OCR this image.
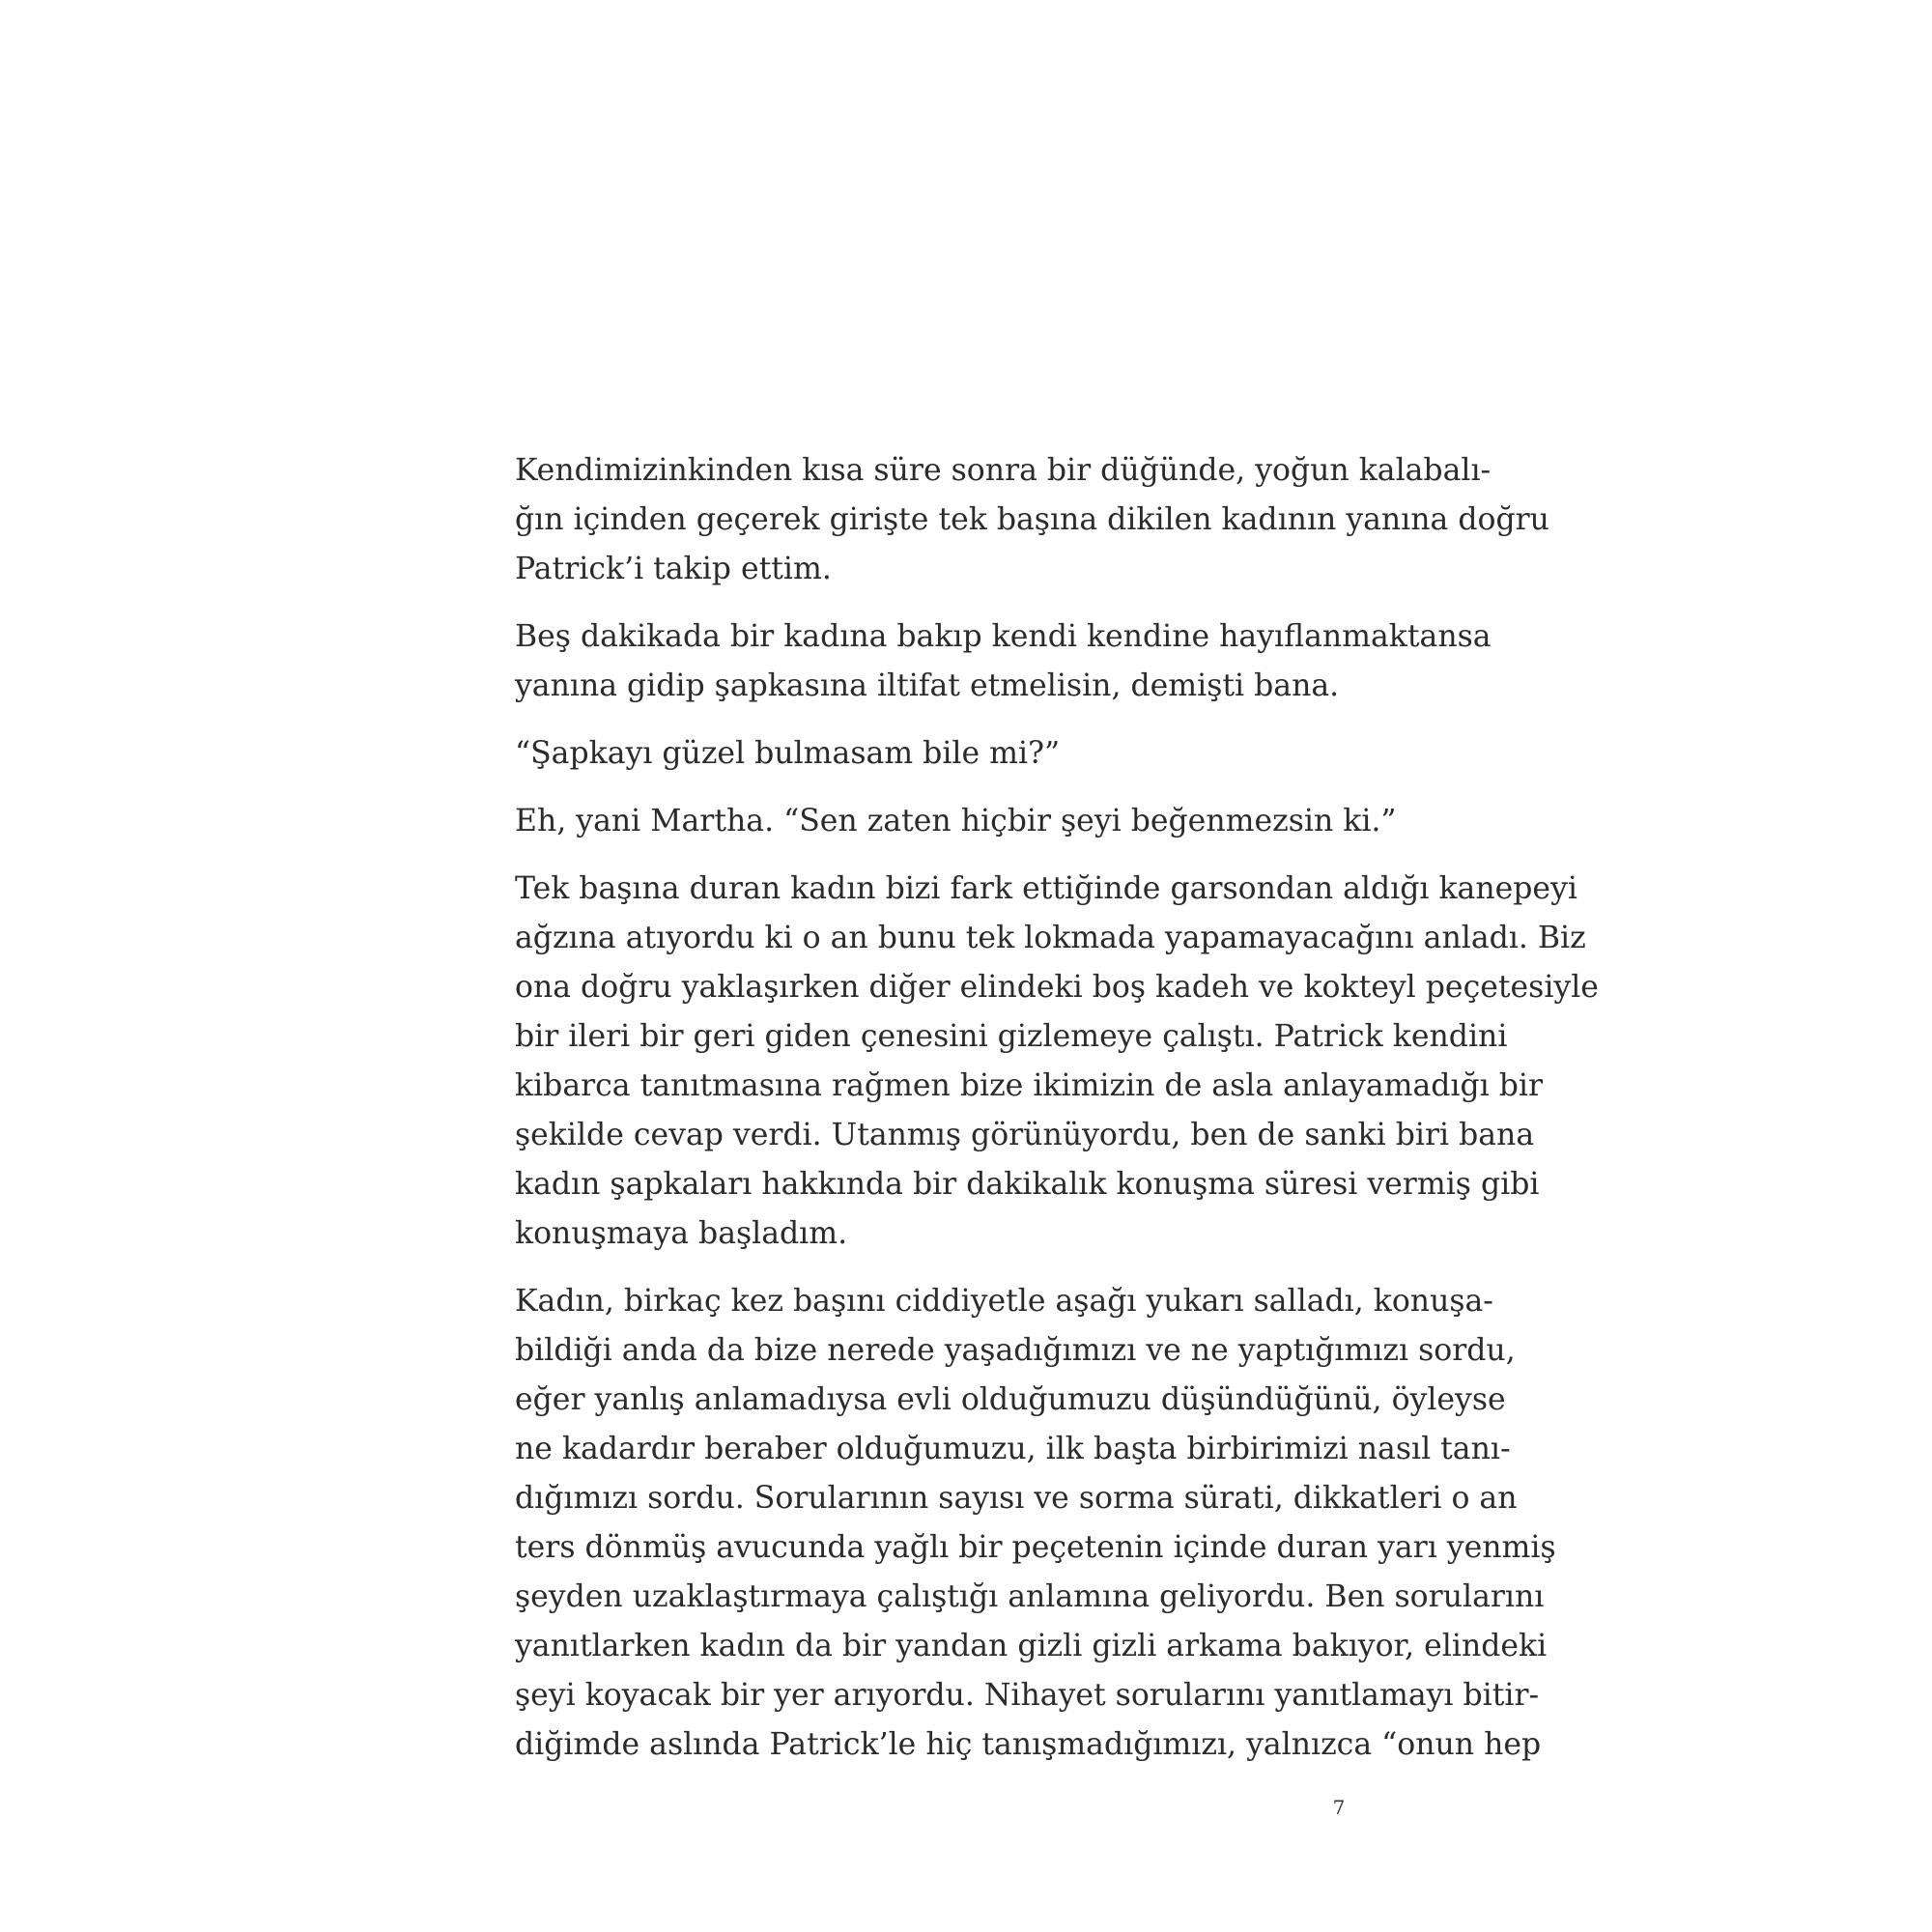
Kendimizinkinden kısa süre sonra bir düğünde, yoğun kalabalı-
ğın içinden geçerek girişte tek başına dikilen kadının yanına doğru
Patrick’i takip ettim.
Beş dakikada bir kadına bakıp kendi kendine hayıflanmaktansa
yanına gidip şapkasına iltifat etmelisin, demişti bana.
“Şapkayı güzel bulmasam bile mi?”
Eh, yani Martha. “Sen zaten hiçbir şeyi beğenmezsin ki.”
Tek başına duran kadın bizi fark ettiğinde garsondan aldığı kanepeyi
ağzına atıyordu ki o an bunu tek lokmada yapamayacağını anladı. Biz
ona doğru yaklaşırken diğer elindeki boş kadeh ve kokteyl peçetesiyle
bir ileri bir geri giden çenesini gizlemeye çalıştı. Patrick kendini
kibarca tanıtmasına rağmen bize ikimizin de asla anlayamadığı bir
şekilde cevap verdi. Utanmış görünüyordu, ben de sanki biri bana
kadın şapkaları hakkında bir dakikalık konuşma süresi vermiş gibi
konuşmaya başladım.
Kadın, birkaç kez başını ciddiyetle aşağı yukarı salladı, konuşa-
bildiği anda da bize nerede yaşadığımızı ve ne yaptığımızı sordu,
eğer yanlış anlamadıysa evli olduğumuzu düşündüğünü, öyleyse
ne kadardır beraber olduğumuzu, ilk başta birbirimizi nasıl tanı-
dığımızı sordu. Sorularının sayısı ve sorma sürati, dikkatleri o an
ters dönmüş avucunda yağlı bir peçetenin içinde duran yarı yenmiş
şeyden uzaklaştırmaya çalıştığı anlamına geliyordu. Ben sorularını
yanıtlarken kadın da bir yandan gizli gizli arkama bakıyor, elindeki
şeyi koyacak bir yer arıyordu. Nihayet sorularını yanıtlamayı bitir-
diğimde aslında Patrick’le hiç tanışmadığımızı, yalnızca “onun hep
7
